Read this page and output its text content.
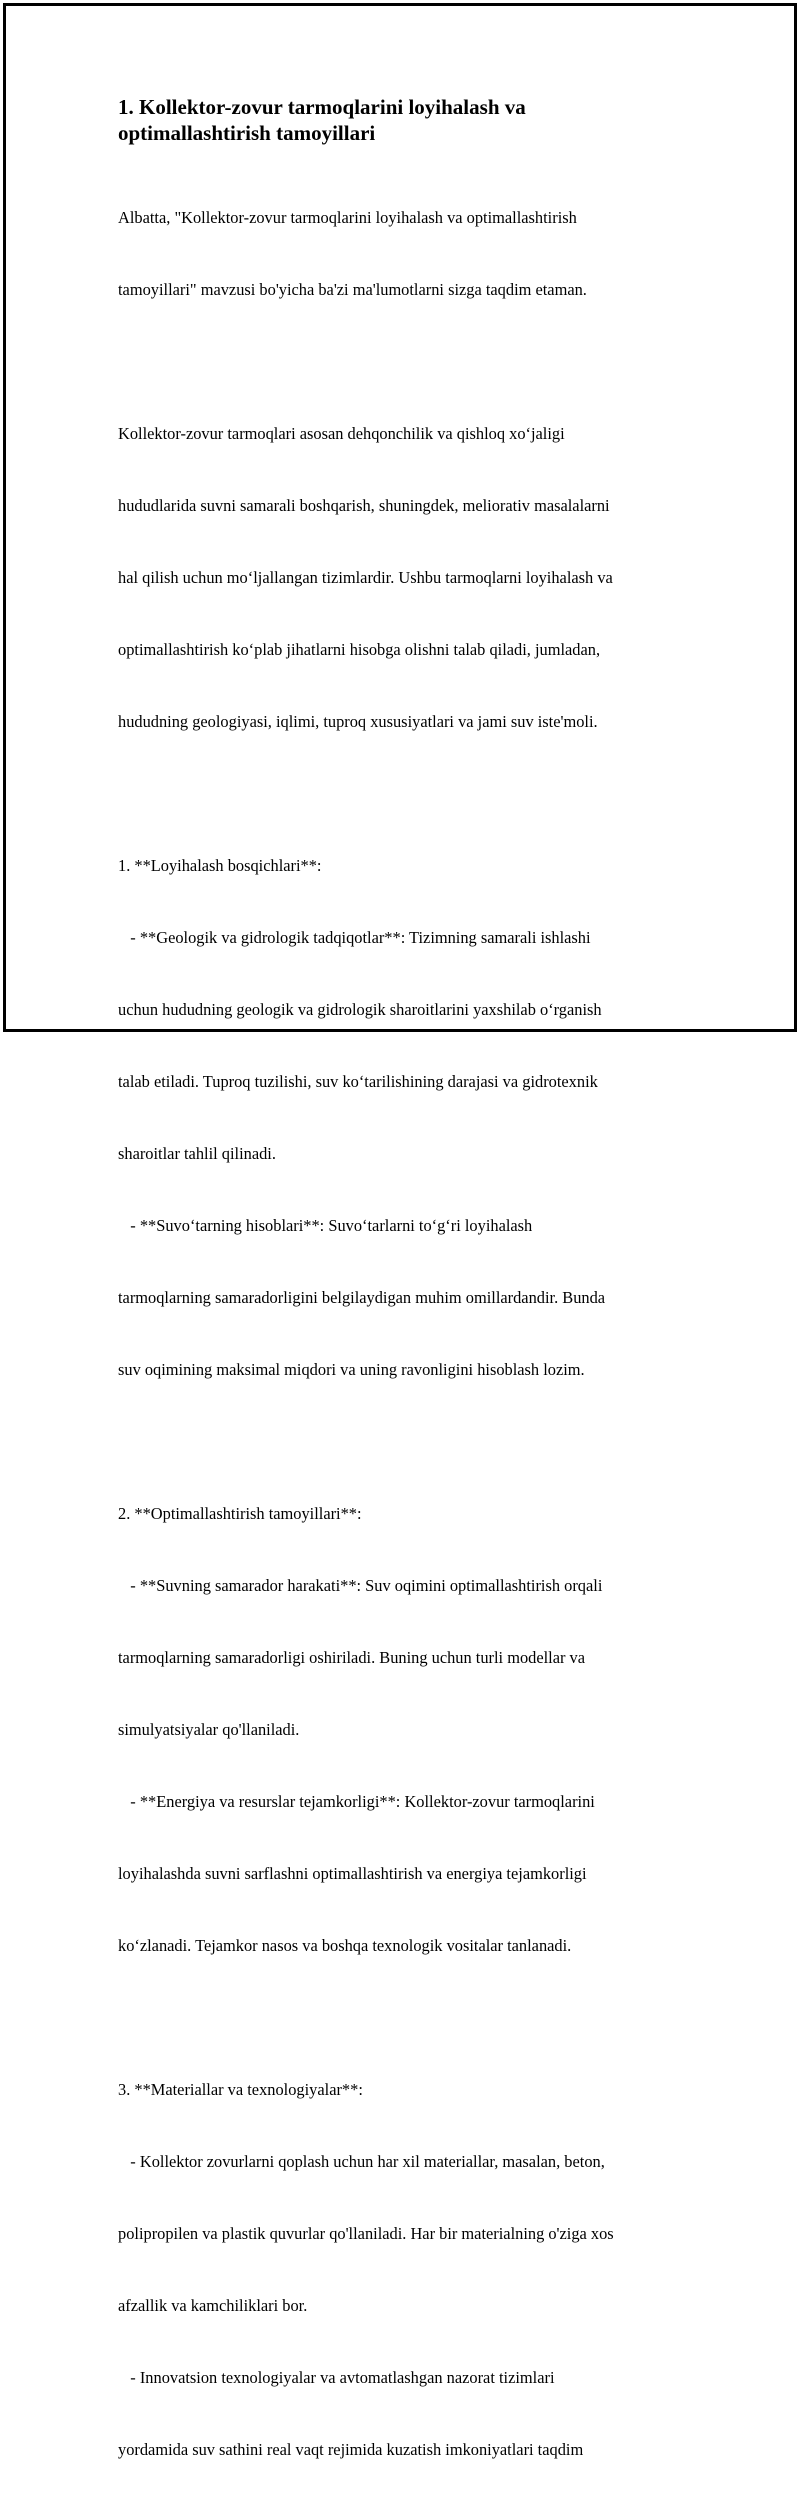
1. Kollektor-zovur tarmoqlarini loyihalash va
optimallashtirish tamoyillari

Albatta, "Kollektor-zovur tarmoqlarini loyihalash va optimallashtirish

tamoyillari" mavzusi bo'yicha ba'zi ma'lumotlarni sizga taqdim etaman.

Kollektor-zovur tarmoqlari asosan dehqonchilik va qishloq xo‘jaligi

hududlarida suvni samarali boshqarish, shuningdek, meliorativ masalalarni

hal qilish uchun mo‘ljallangan tizimlardir. Ushbu tarmoqlarni loyihalash va

optimallashtirish ko‘plab jihatlarni hisobga olishni talab qiladi, jumladan,

hududning geologiyasi, iqlimi, tuproq xususiyatlari va jami suv iste'moli.

1. **Loyihalash bosqichlari**:

- **Geologik va gidrologik tadqiqotlar**: Tizimning samarali ishlashi

uchun hududning geologik va gidrologik sharoitlarini yaxshilab o‘rganish

talab etiladi. Tuproq tuzilishi, suv ko‘tarilishining darajasi va gidrotexnik

sharoitlar tahlil qilinadi.

- **Suvo‘tarning hisoblari**: Suvo‘tarlarni to‘g‘ri loyihalash

tarmoqlarning samaradorligini belgilaydigan muhim omillardandir. Bunda

suv oqimining maksimal miqdori va uning ravonligini hisoblash lozim.

2. **Optimallashtirish tamoyillari**:

- **Suvning samarador harakati**: Suv oqimini optimallashtirish orqali

tarmoqlarning samaradorligi oshiriladi. Buning uchun turli modellar va

simulyatsiyalar qo'llaniladi.

- **Energiya va resurslar tejamkorligi**: Kollektor-zovur tarmoqlarini

loyihalashda suvni sarflashni optimallashtirish va energiya tejamkorligi

ko‘zlanadi. Tejamkor nasos va boshqa texnologik vositalar tanlanadi.

3. **Materiallar va texnologiyalar**:

- Kollektor zovurlarni qoplash uchun har xil materiallar, masalan, beton,

polipropilen va plastik quvurlar qo'llaniladi. Har bir materialning o'ziga xos

afzallik va kamchiliklari bor.

- Innovatsion texnologiyalar va avtomatlashgan nazorat tizimlari

yordamida suv sathini real vaqt rejimida kuzatish imkoniyatlari taqdim
